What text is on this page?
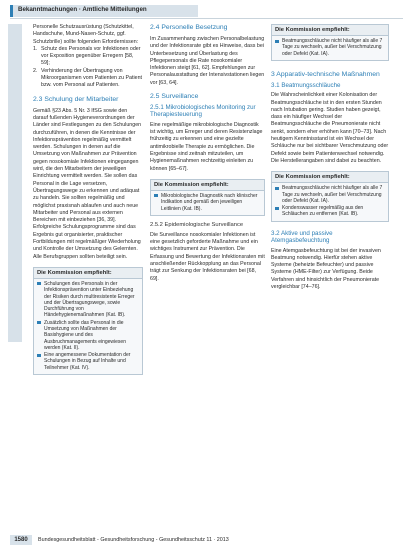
Bekanntmachungen · Amtliche Mitteilungen

Personelle Schutzausrüstung (Schutzkittel, Handschuhe, Mund-Nasen-Schutz, ggf. Schutzbrille) sollte folgenden Erfordernissen:

1. Schutz des Personals vor Infektionen oder vor Exposition gegenüber Erregern [58, 59];
2. Verhinderung der Übertragung von Mikroorganismen vom Patienten zu Patient bzw. vom Personal auf Patienten.

2.3 Schulung der Mitarbeiter

Gemäß §23 Abs. 5 Nr. 3 IfSG sowie den darauf fußenden Hygieneverordnungen der Länder sind Festlegungen zu den Schulungen durchzuführen, in denen die Kenntnisse der Infektionsprävention regelmäßig vermittelt werden. Schulungen in denen auf die Umsetzung von Maßnahmen zur Prävention gegen nosokomiale Infektionen eingegangen wird, die den Mitarbeitern der jeweiligen Einrichtung vermittelt werden. Sie sollen das Personal in die Lage versetzen, Übertragungswege zu erkennen und adäquat zu handeln. Sie sollten regelmäßig und möglichst praxisnah ablaufen und auch neue Mitarbeiter und Personal aus externen Bereichen mit einbeziehen [36, 39]. Erfolgreiche Schulungsprogramme sind das Ergebnis gut organisierter, praktischer Fortbildungen mit regelmäßiger Wiederholung und Kontrolle der Umsetzung des Gelernten. Alle Berufsgruppen sollten beteiligt sein.

Die Kommission empfiehlt:
Schulungen des Personals in der Infektionsprävention unter Einbeziehung der Risiken durch multiresistente Erreger und der Übertragungswege, sowie Durchführung von Händehygienemaßnahmen (Kat. IB).
Zusätzlich sollte das Personal in die Umsetzung von Maßnahmen der Basishygiene und des Ausbruchmanagements eingewiesen werden (Kat. II).
Eine angemessene Dokumentation der Schulungen in Bezug auf Inhalte und Teilnehmer (Kat. IV).

2.4 Personelle Besetzung

Im Zusammenhang zwischen Personalbelastung und der Infektionsrate gibt es Hinweise, dass bei Unterbesetzung und Überlastung des Pflegepersonals die Rate nosokomialer Infektionen steigt [61, 62]. Empfehlungen zur Personalausstattung der Intensivstationen liegen vor [63, 64].

2.5 Surveillance

2.5.1 Mikrobiologisches Monitoring zur Therapiesteuerung

Eine regelmäßige mikrobiologische Diagnostik ist wichtig, um Erreger und deren Resistenzlage frühzeitig zu erkennen und eine gezielte antimikrobielle Therapie zu ermöglichen. Die Ergebnisse sind zeitnah mitzuteilen, um Hygienemaßnahmen rechtzeitig einleiten zu können [65–67].

Die Kommission empfiehlt:
Mikrobiologische Diagnostik nach klinischer Indikation und gemäß den jeweiligen Leitlinien (Kat. IB).

2.5.2 Epidemiologische Surveillance

Die Surveillance nosokomialer Infektionen ist eine gesetzlich geforderte Maßnahme und ein wichtiges Instrument zur Prävention. Die Erfassung und Bewertung der Infektionsraten mit anschließender Rückkopplung an das Personal trägt zur Senkung der Infektionsraten bei [68, 69].

Die Kommission empfiehlt:
Beatmungsschläuche nicht häufiger als alle 7 Tage zu wechseln, außer bei Verschmutzung oder Defekt (Kat. IA).

3 Apparativ-technische Maßnahmen

3.1 Beatmungsschläuche

Die Wahrscheinlichkeit einer Kolonisation der Beatmungsschläuche ist in den ersten Stunden nach Intubation gering. Studien haben gezeigt, dass ein häufiger Wechsel der Beatmungsschläuche die Pneumonierate nicht senkt, sondern eher erhöhen kann [70–73]. Nach heutigem Kenntnisstand ist ein Wechsel der Schläuche nur bei sichtbarer Verschmutzung oder Defekt sowie beim Patientenwechsel notwendig. Die Herstellerangaben sind dabei zu beachten.

Die Kommission empfiehlt:
Beatmungsschläuche nicht häufiger als alle 7 Tage zu wechseln, außer bei Verschmutzung oder Defekt (Kat. IA).
Kondenswasser regelmäßig aus den Schläuchen zu entfernen (Kat. IB).

3.2 Aktive und passive Atemgasbefeuchtung

Eine Atemgasbefeuchtung ist bei der invasiven Beatmung notwendig. Hierfür stehen aktive Systeme (beheizte Befeuchter) und passive Systeme (HME-Filter) zur Verfügung. Beide Verfahren sind hinsichtlich der Pneumonierate vergleichbar [74–76].

1580	Bundesgesundheitsblatt - Gesundheitsforschung - Gesundheitsschutz 11 · 2013
